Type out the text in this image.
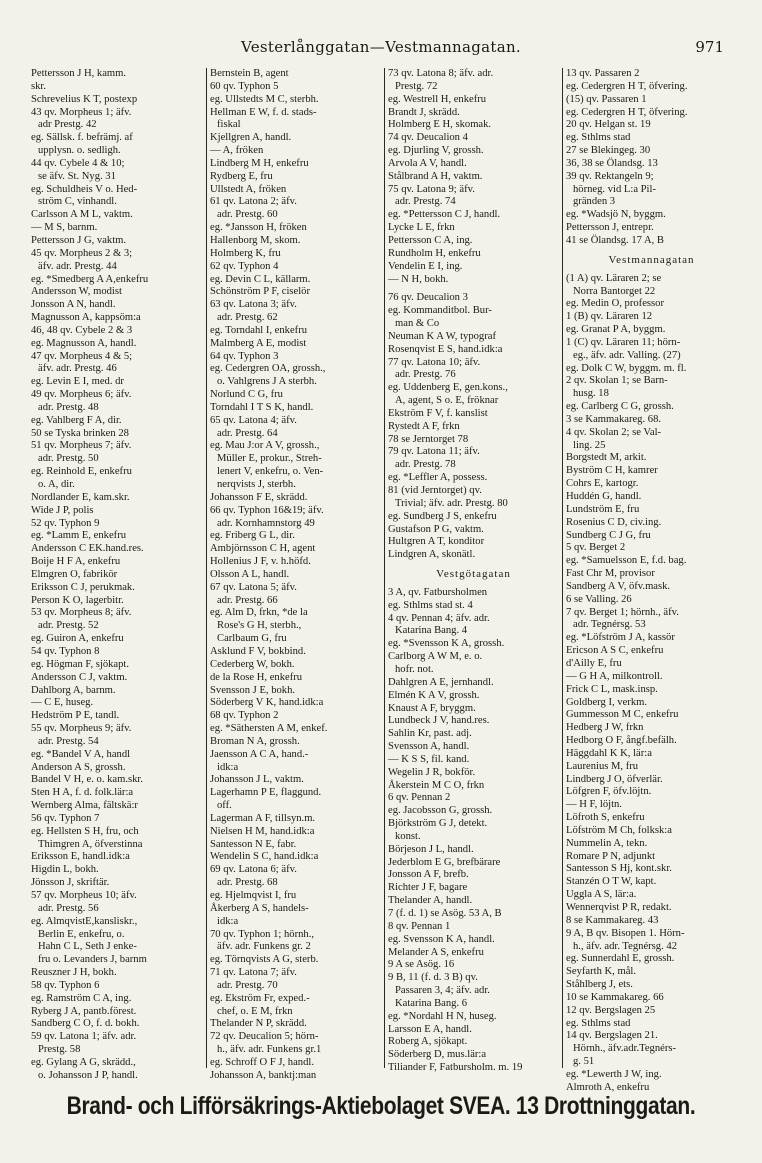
Vesterlånggatan—Vestmannagatan.	971
Pettersson J H, kamm.
skr.
Schrevelius K T, postexp
43 qv. Morpheus 1; äfv.
adr Prestg. 42
eg. Sällsk. f. befrämj. af
upplysn. o. sedligh.
44 qv. Cybele 4 & 10;
se äfv. St. Nyg. 31
eg. Schuldheis V o. Hed-
ström C, vinhandl.
Carlsson A M L, vaktm.
— M S, barnm.
Pettersson J G, vaktm.
45 qv. Morpheus 2 & 3;
äfv. adr. Prestg. 44
eg. *Smedberg A A,enkefru
Andersson W, modist
Jonsson A N, handl.
Magnusson A, kappsöm:a
46, 48 qv. Cybele 2 & 3
eg. Magnusson A, handl.
47 qv. Morpheus 4 & 5;
äfv. adr. Prestg. 46
eg. Levin E I, med. dr
49 qv. Morpheus 6; äfv.
adr. Prestg. 48
eg. Vahlberg F A, dir.
50 se Tyska brinken 28
51 qv. Morpheus 7; äfv.
adr. Prestg. 50
eg. Reinhold E, enkefru
o. A, dir.
Nordlander E, kam.skr.
Wide J P, polis
52 qv. Typhon 9
eg. *Lamm E, enkefru
Andersson C EK.hand.res.
Boije H F A, enkefru
Elmgren O, fabrikör
Eriksson C J, perukmak.
Person K O, lagerbitr.
53 qv. Morpheus 8; äfv.
adr. Prestg. 52
eg. Guiron A, enkefru
54 qv. Typhon 8
eg. Högman F, sjökapt.
Andersson C J, vaktm.
Dahlborg A, barnm.
— C E, huseg.
Hedström P E, tandl.
55 qv. Morpheus 9; äfv.
adr. Prestg. 54
eg. *Bandel V A, handl
Anderson A S, grossh.
Bandel V H, e. o. kam.skr.
Sten H A, f. d. folk.lär:a
Wernberg Alma, fältskä:r
56 qv. Typhon 7
eg. Hellsten S H, fru, och
Thimgren A, öfverstinna
Eriksson E, handl.idk:a
Higdin L, bokh.
Jönsson J, skriftär.
57 qv. Morpheus 10; äfv.
adr. Prestg. 56
eg. AlmqvistE,kansliskr.,
Berlin E, enkefru, o.
Hahn C L, Seth J enke-
fru o. Levanders J, barnm
Reuszner J H, bokh.
58 qv. Typhon 6
eg. Ramström C A, ing.
Ryberg J A, pantb.förest.
Sandberg C O, f. d. bokh.
59 qv. Latona 1; äfv. adr.
Prestg. 58
eg. Gylang A G, skrädd.,
o. Johansson J P, handl.
Bernstein B, agent
60 qv. Typhon 5
eg. Ullstedts M C, sterbh.
Hellman E W, f. d. stads-
fiskal
Kjellgren A, handl.
— A, fröken
Lindberg M H, enkefru
Rydberg E, fru
Ullstedt A, fröken
61 qv. Latona 2; äfv.
adr. Prestg. 60
eg. *Jansson H, fröken
Hallenborg M, skom.
Holmberg K, fru
62 qv. Typhon 4
eg. Devin C L, källarm.
Schönström P F, ciselör
63 qv. Latona 3; äfv.
adr. Prestg. 62
eg. Torndahl I, enkefru
Malmberg A E, modist
64 qv. Typhon 3
eg. Cedergren OA, grossh.,
o. Vahlgrens J A sterbh.
Norlund C G, fru
Torndahl I T S K, handl.
65 qv. Latona 4; äfv.
adr. Prestg. 64
eg. Mau J:or A V, grossh.,
Müller E, prokur., Streh-
lenert V, enkefru, o. Ven-
nerqvists J, sterbh.
Johansson F E, skrädd.
66 qv. Typhon 16&19; äfv.
adr. Kornhamnstorg 49
eg. Friberg G L, dir.
Ambjörnsson C H, agent
Hollenius J F, v. h.höfd.
Olsson A L, handl.
67 qv. Latona 5; äfv.
adr. Prestg. 66
eg. Alm D, frkn, *de la
Rose's G H, sterbh.,
Carlbaum G, fru
Asklund F V, bokbind.
Cederberg W, bokh.
de la Rose H, enkefru
Svensson J E, bokh.
Söderberg V K, hand.idk:a
68 qv. Typhon 2
eg. *Säthersten A M, enkef.
Broman N A, grossh.
Jaensson A C A, hand.-
idk:a
Johansson J L, vaktm.
Lagerhamn P E, flaggund.
off.
Lagerman A F, tillsyn.m.
Nielsen H M, hand.idk:a
Santesson N E, fabr.
Wendelin S C, hand.idk:a
69 qv. Latona 6; äfv.
adr. Prestg. 68
eg. Hjelmqvist I, fru
Åkerberg A S, handels-
idk:a
70 qv. Typhon 1; hörnh.,
äfv. adr. Funkens gr. 2
eg. Törnqvists A G, sterb.
71 qv. Latona 7; äfv.
adr. Prestg. 70
eg. Ekström Fr, exped.-
chef, o. E M, frkn
Thelander N P, skrädd.
72 qv. Deucalion 5; hörn-
h., äfv. adr. Funkens gr.1
eg. Schroff O F J, handl.
Johansson A, banktj:man
73 qv. Latona 8; äfv. adr.
Prestg. 72
eg. Westrell H, enkefru
Brandt J, skrädd.
Holmberg E H, skomak.
74 qv. Deucalion 4
eg. Djurling V, grossh.
Arvola A V, handl.
Stålbrand A H, vaktm.
75 qv. Latona 9; äfv.
adr. Prestg. 74
eg. *Pettersson C J, handl.
Lycke L E, frkn
Pettersson C A, ing.
Rundholm H, enkefru
Vendelin E I, ing.
— N H, bokh.
76 qv. Deucalion 3
eg. Kommanditbol. Bur-
man & Co
Neuman K A W, typograf
Rosenqvist E S, hand.idk:a
77 qv. Latona 10; äfv.
adr. Prestg. 76
eg. Uddenberg E, gen.kons.,
A, agent, S o. E, fröknar
Ekström F V, f. kanslist
Rystedt A F, frkn
78 se Jerntorget 78
79 qv. Latona 11; äfv.
adr. Prestg. 78
eg. *Leffler A, possess.
81 (vid Jerntorget) qv.
Trivial; äfv. adr. Prestg. 80
eg. Sundberg J S, enkefru
Gustafson P G, vaktm.
Hultgren A T, konditor
Lindgren A, skonätl.
Vestgötagatan
3 A, qv. Fatbursholmen
eg. Sthlms stad st. 4
4 qv. Pennan 4; äfv. adr.
Katarina Bang. 4
eg. *Svensson K A, grossh.
Carlborg A W M, e. o.
hofr. not.
Dahlgren A E, jernhandl.
Elmén K A V, grossh.
Knaust A F, bryggm.
Lundbeck J V, hand.res.
Sahlin Kr, past. adj.
Svensson A, handl.
— K S S, fil. kand.
Wegelin J R, bokför.
Åkerstein M C O, frkn
6 qv. Pennan 2
eg. Jacobsson G, grossh.
Björkström G J, detekt.
konst.
Börjeson J L, handl.
Jederblom E G, brefbärare
Jonsson A F, brefb.
Richter J F, bagare
Thelander A, handl.
7 (f. d. 1) se Asög. 53 A, B
8 qv. Pennan 1
eg. Svensson K A, handl.
Melander A S, enkefru
9 A se Asög. 16
9 B, 11 (f. d. 3 B) qv.
Passaren 3, 4; äfv. adr.
Katarina Bang. 6
eg. *Nordahl H N, huseg.
Larsson E A, handl.
Roberg A, sjökapt.
Söderberg D, mus.lär:a
Tiliander F, Fatbursholm. m. 19
13 qv. Passaren 2
eg. Cedergren H T, öfvering.
(15) qv. Passaren 1
eg. Cedergren H T, öfvering.
20 qv. Helgan st. 19
eg. Sthlms stad
27 se Blekingeg. 30
36, 38 se Ölandsg. 13
39 qv. Rektangeln 9;
hörneg. vid L:a Pil-
gränden 3
eg. *Wadsjö N, byggm.
Pettersson J, entrepr.
41 se Ölandsg. 17 A, B
Vestmannagatan
(1 A) qv. Läraren 2; se
Norra Bantorget 22
eg. Medin O, professor
1 (B) qv. Läraren 12
eg. Granat P A, byggm.
1 (C) qv. Läraren 11; hörn-
eg., äfv. adr. Valling. (27)
eg. Dolk C W, byggm. m. fl.
2 qv. Skolan 1; se Barn-
husg. 18
eg. Carlberg C G, grossh.
3 se Kammakareg. 68.
4 qv. Skolan 2; se Val-
ling. 25
Borgstedt M, arkit.
Byström C H, kamrer
Cohrs E, kartogr.
Huddén G, handl.
Lundström E, fru
Rosenius C D, civ.ing.
Sundberg C J G, fru
5 qv. Berget 2
eg. *Samuelsson E, f.d. bag.
Fast Chr M, provisor
Sandberg A V, öfv.mask.
6 se Valling. 26
7 qv. Berget 1; hörnh., äfv.
adr. Tegnérsg. 53
eg. *Löfström J A, kassör
Ericson A S C, enkefru
d'Ailly E, fru
— G H A, milkontroll.
Frick C L, mask.insp.
Goldberg I, verkm.
Gummesson M C, enkefru
Hedberg J W, frkn
Hedborg O F, ångf.befälh.
Häggdahl K K, lär:a
Laurenius M, fru
Lindberg J O, öfverlär.
Löfgren F, öfv.löjtn.
— H F, löjtn.
Löfroth S, enkefru
Löfström M Ch, folksk:a
Nummelin A, tekn.
Romare P N, adjunkt
Santesson S Hj, kont.skr.
Stanzén O T W, kapt.
Uggla A S, lär:a.
Wennerqvist P R, redakt.
8 se Kammakareg. 43
9 A, B qv. Bisopen 1. Hörn-
h., äfv. adr. Tegnérsg. 42
eg. Sunnerdahl E, grossh.
Seyfarth K, mål.
Ståhlberg J, ets.
10 se Kammakareg. 66
12 qv. Bergslagen 25
eg. Sthlms stad
14 qv. Bergslagen 21.
Hörnh., äfv.adr.Tegnérs-
g. 51
eg. *Lewerth J W, ing.
Almroth A, enkefru
Brand- och Lifförsäkrings-Aktiebolaget SVEA. 13 Drottninggatan.
